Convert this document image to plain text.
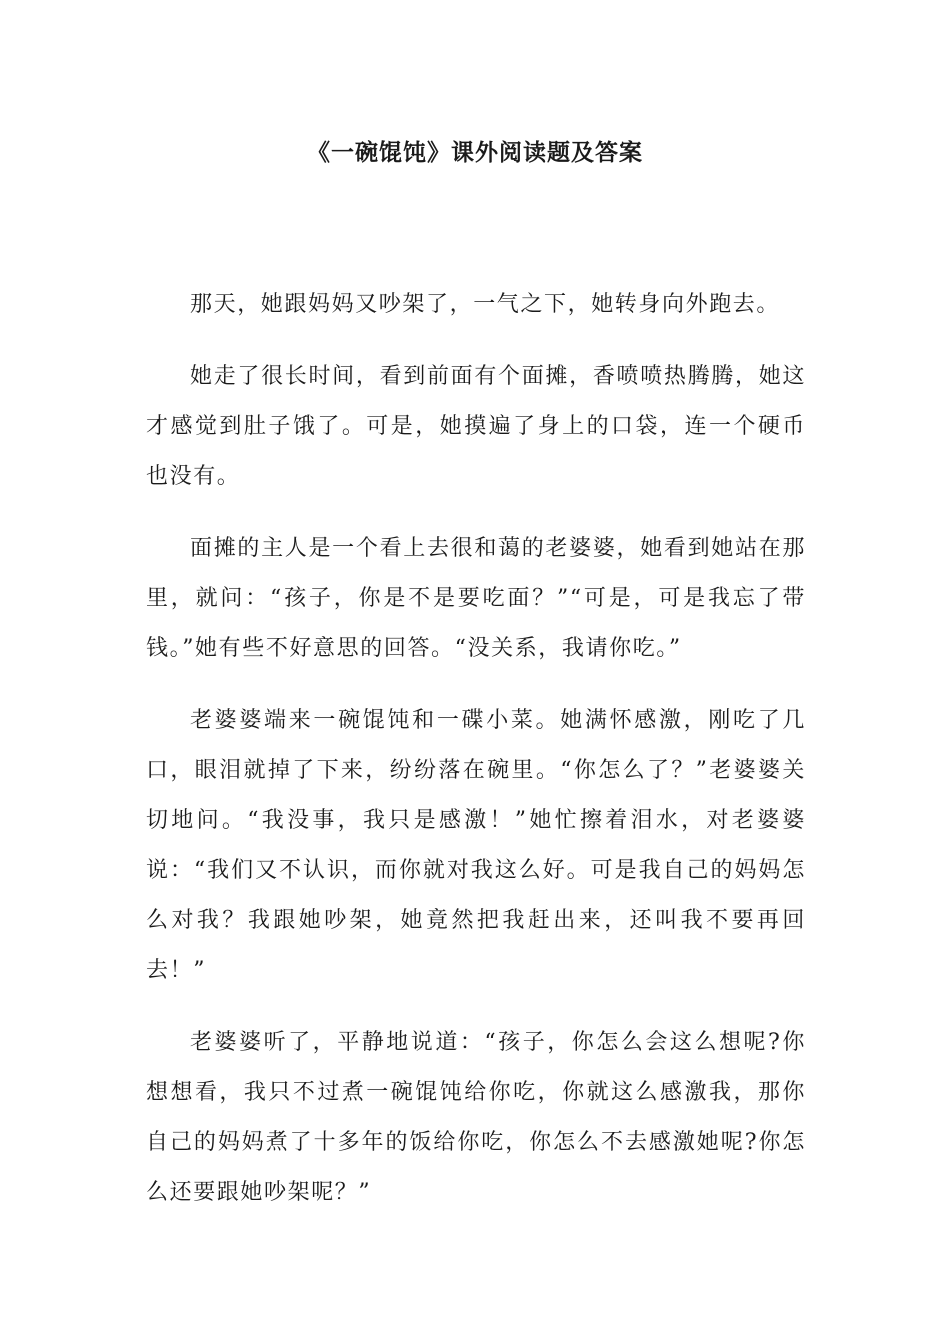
《一碗馄饨》课外阅读题及答案

那天，她跟妈妈又吵架了，一气之下，她转身向外跑去。

她走了很长时间，看到前面有个面摊，香喷喷热腾腾，她这才感觉到肚子饿了。可是，她摸遍了身上的口袋，连一个硬币也没有。

面摊的主人是一个看上去很和蔼的老婆婆，她看到她站在那里，就问：“孩子，你是不是要吃面？”“可是，可是我忘了带钱。”她有些不好意思的回答。“没关系，我请你吃。”

老婆婆端来一碗馄饨和一碟小菜。她满怀感激，刚吃了几口，眼泪就掉了下来，纷纷落在碗里。“你怎么了？”老婆婆关切地问。“我没事，我只是感激！”她忙擦着泪水，对老婆婆说：“我们又不认识，而你就对我这么好。可是我自己的妈妈怎么对我？我跟她吵架，她竟然把我赶出来，还叫我不要再回去！”

老婆婆听了，平静地说道：“孩子，你怎么会这么想呢?你想想看，我只不过煮一碗馄饨给你吃，你就这么感激我，那你自己的妈妈煮了十多年的饭给你吃，你怎么不去感激她呢?你怎么还要跟她吵架呢？”
